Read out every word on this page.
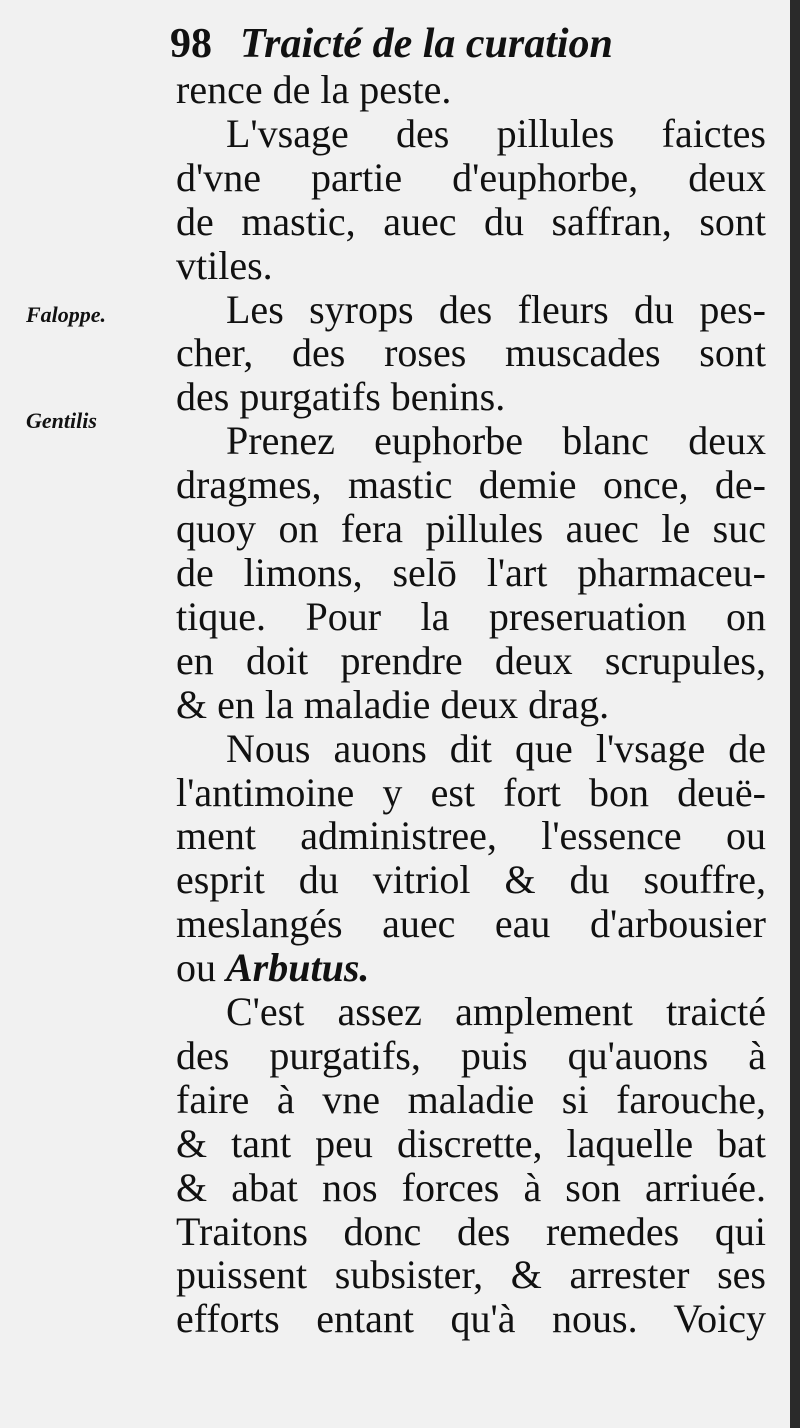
98 Traicté de la curation
Faloppe.
Gentilis
rence de la peste.
L'vsage des pillules faictes
d'vne partie d'euphorbe, deux
de mastic, auec du saffran, sont
vtiles.
Les syrops des fleurs du pes-
cher, des roses muscades sont
des purgatifs benins.
Prenez euphorbe blanc deux
dragmes, mastic demie once, de-
quoy on fera pillules auec le suc
de limons, selō l'art pharmaceu-
tique. Pour la preseruation on
en doit prendre deux scrupules,
& en la maladie deux drag.
Nous auons dit que l'vsage de
l'antimoine y est fort bon deuë-
ment administree, l'essence ou
esprit du vitriol & du souffre,
meslangés auec eau d'arbousier
ou Arbutus.
C'est assez amplement traicté
des purgatifs, puis qu'auons à
faire à vne maladie si farouche,
& tant peu discrette, laquelle bat
& abat nos forces à son arriuée.
Traitons donc des remedes qui
puissent subsister, & arrester ses
efforts entant qu'à nous. Voicy
